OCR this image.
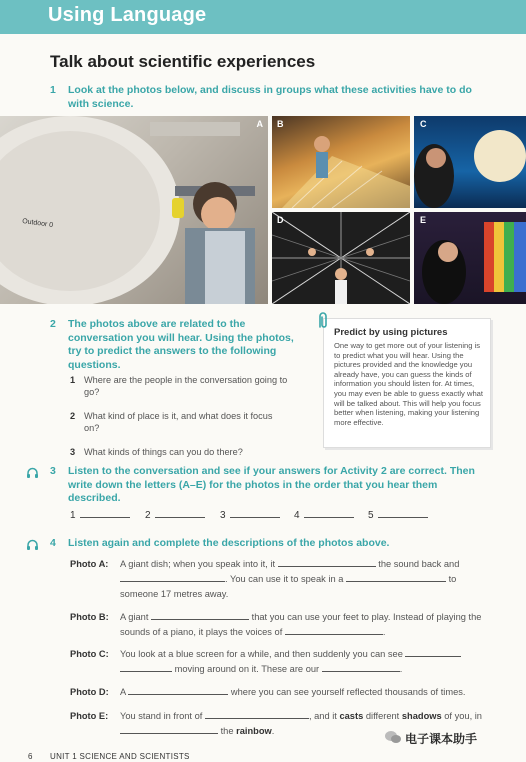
Using Language
Talk about scientific experiences
1 Look at the photos below, and discuss in groups what these activities have to do with science.
Outdoor 0
A B	C
D	E
2 The photos above are related to the conversation you will hear. Using the photos, try to predict the answers to the following questions.
1 Where are the people in the conversation going to go?
2 What kind of place is it, and what does it focus on?
3 What kinds of things can you do there?
Predict by using pictures
One way to get more out of your listening is to predict what you will hear. Using the pictures provided and the knowledge you already have, you can guess the kinds of information you should listen for. At times, you may even be able to guess exactly what will be talked about. This will help you focus better when listening, making your listening more effective.
3 Listen to the conversation and see if your answers for Activity 2 are correct. Then write down the letters (A–E) for the photos in the order that you hear them described.
1	2	3	4	5
4 Listen again and complete the descriptions of the photos above.
Photo A: A giant dish; when you speak into it, it	the sound back and . You can use it to speak in a	to someone 17 metres away.
Photo B: A giant	that you can use your feet to play. Instead of playing the sounds of a piano, it plays the voices of	.
Photo C: You look at a blue screen for a while, and then suddenly you can see   moving around on it. These are our	.
Photo D: A	where you can see yourself reflected thousands of times.
Photo E: You stand in front of	, and it casts different shadows of you, in  the rainbow.
6 UNIT 1 SCIENCE AND SCIENTISTS
电子课本助手
